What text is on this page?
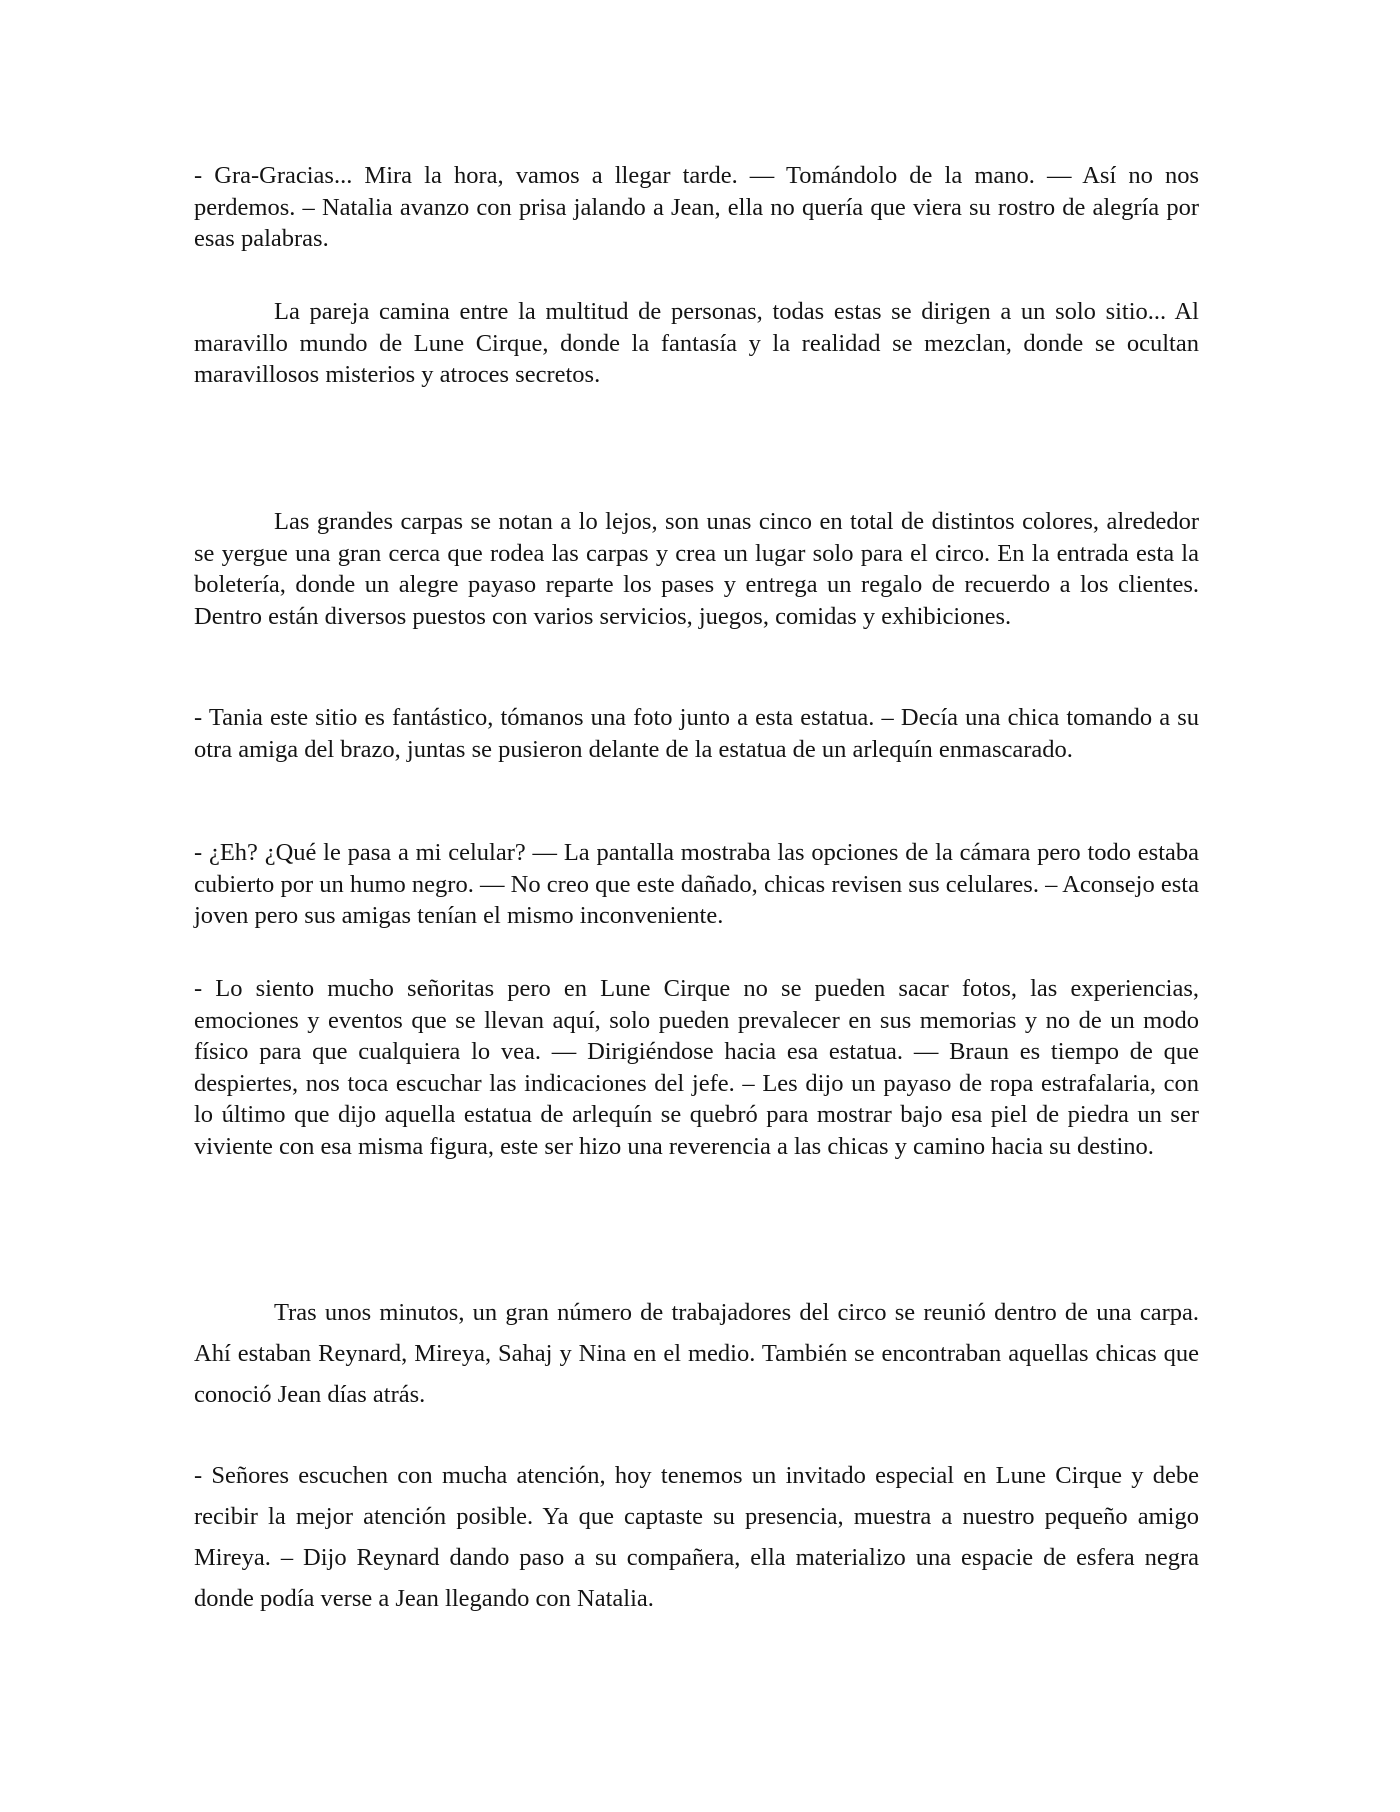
- Gra-Gracias... Mira la hora, vamos a llegar tarde. — Tomándolo de la mano. — Así no nos perdemos. – Natalia avanzo con prisa jalando a Jean, ella no quería que viera su rostro de alegría por esas palabras.

La pareja camina entre la multitud de personas, todas estas se dirigen a un solo sitio... Al maravillo mundo de Lune Cirque, donde la fantasía y la realidad se mezclan, donde se ocultan maravillosos misterios y atroces secretos.

Las grandes carpas se notan a lo lejos, son unas cinco en total de distintos colores, alrededor se yergue una gran cerca que rodea las carpas y crea un lugar solo para el circo. En la entrada esta la boletería, donde un alegre payaso reparte los pases y entrega un regalo de recuerdo a los clientes. Dentro están diversos puestos con varios servicios, juegos, comidas y exhibiciones.

- Tania este sitio es fantástico, tómanos una foto junto a esta estatua. – Decía una chica tomando a su otra amiga del brazo, juntas se pusieron delante de la estatua de un arlequín enmascarado.

- ¿Eh? ¿Qué le pasa a mi celular? — La pantalla mostraba las opciones de la cámara pero todo estaba cubierto por un humo negro. — No creo que este dañado, chicas revisen sus celulares. – Aconsejo esta joven pero sus amigas tenían el mismo inconveniente.

- Lo siento mucho señoritas pero en Lune Cirque no se pueden sacar fotos, las experiencias, emociones y eventos que se llevan aquí, solo pueden prevalecer en sus memorias y no de un modo físico para que cualquiera lo vea. — Dirigiéndose hacia esa estatua. — Braun es tiempo de que despiertes, nos toca escuchar las indicaciones del jefe. – Les dijo un payaso de ropa estrafalaria, con lo último que dijo aquella estatua de arlequín se quebró para mostrar bajo esa piel de piedra un ser viviente con esa misma figura, este ser hizo una reverencia a las chicas y camino hacia su destino.

Tras unos minutos, un gran número de trabajadores del circo se reunió dentro de una carpa. Ahí estaban Reynard, Mireya, Sahaj y Nina en el medio. También se encontraban aquellas chicas que conoció Jean días atrás.

- Señores escuchen con mucha atención, hoy tenemos un invitado especial en Lune Cirque y debe recibir la mejor atención posible. Ya que captaste su presencia, muestra a nuestro pequeño amigo Mireya. – Dijo Reynard dando paso a su compañera, ella materializo una espacie de esfera negra donde podía verse a Jean llegando con Natalia.
